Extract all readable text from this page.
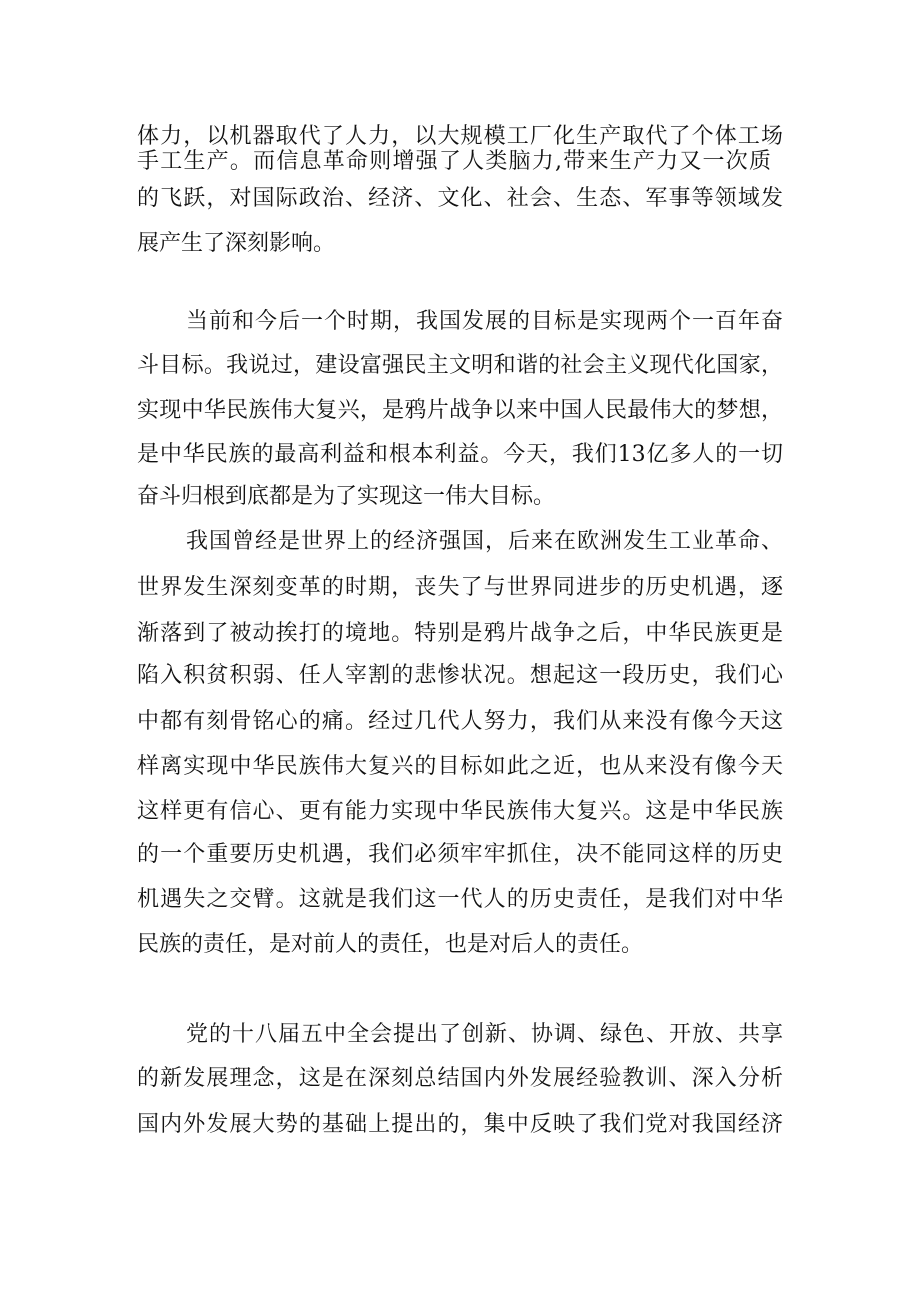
体力，以机器取代了人力，以大规模工厂化生产取代了个体工场
手工生产。而信息革命则增强了人类脑力,带来生产力又一次质
的飞跃，对国际政治、经济、文化、社会、生态、军事等领域发
展产生了深刻影响。
当前和今后一个时期，我国发展的目标是实现两个一百年奋
斗目标。我说过，建设富强民主文明和谐的社会主义现代化国家，
实现中华民族伟大复兴，是鸦片战争以来中国人民最伟大的梦想，
是中华民族的最高利益和根本利益。今天，我们13亿多人的一切
奋斗归根到底都是为了实现这一伟大目标。
我国曾经是世界上的经济强国，后来在欧洲发生工业革命、
世界发生深刻变革的时期，丧失了与世界同进步的历史机遇，逐
渐落到了被动挨打的境地。特别是鸦片战争之后，中华民族更是
陷入积贫积弱、任人宰割的悲惨状况。想起这一段历史，我们心
中都有刻骨铭心的痛。经过几代人努力，我们从来没有像今天这
样离实现中华民族伟大复兴的目标如此之近，也从来没有像今天
这样更有信心、更有能力实现中华民族伟大复兴。这是中华民族
的一个重要历史机遇，我们必须牢牢抓住，决不能同这样的历史
机遇失之交臂。这就是我们这一代人的历史责任，是我们对中华
民族的责任，是对前人的责任，也是对后人的责任。
党的十八届五中全会提出了创新、协调、绿色、开放、共享
的新发展理念，这是在深刻总结国内外发展经验教训、深入分析
国内外发展大势的基础上提出的，集中反映了我们党对我国经济
